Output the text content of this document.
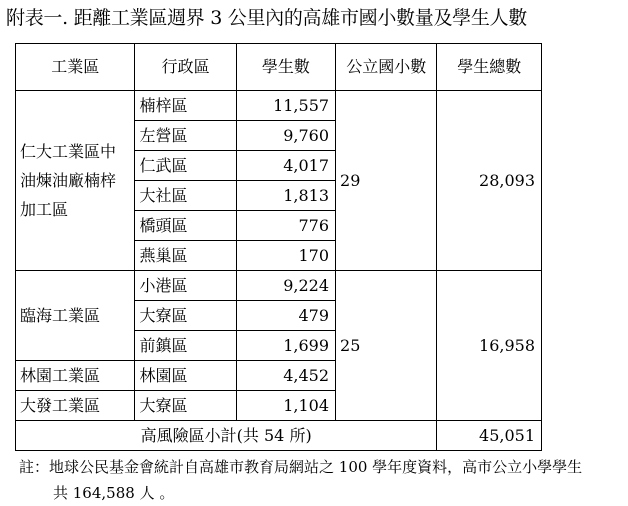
附表一. 距離工業區週界 3 公里內的高雄市國小數量及學生人數
工業區	行政區	學生數	公立國小數	學生總數

仁大工業區中
油煉油廠楠梓
加工區	楠梓區	11,557	29	28,093
	左營區	9,760		
	仁武區	4,017		
	大社區	1,813		
	橋頭區	776		
	燕巢區	170		

臨海工業區	小港區	9,224	25	16,958
	大寮區	479		
	前鎮區	1,699		
林園工業區	林園區	4,452		
大發工業區	大寮區	1,104		
高風險區小計(共 54 所)				45,051
註：地球公民基金會統計自高雄市教育局網站之 100 學年度資料，高市公立小學學生
共 164,588 人 。
